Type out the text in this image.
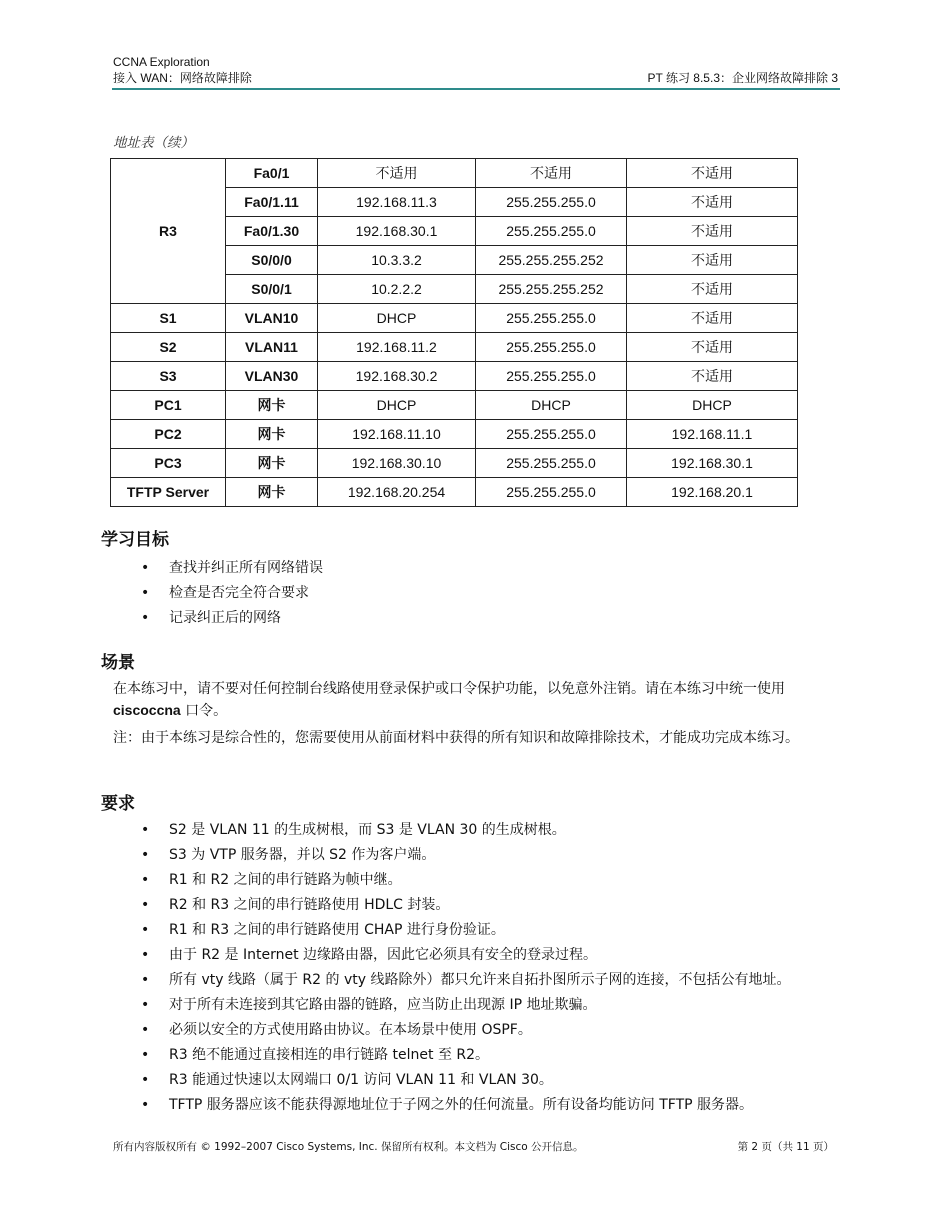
CCNA Exploration
接入 WAN：网络故障排除	PT 练习 8.5.3：企业网络故障排除 3
地址表（续）
R3	Fa0/1	不适用	不适用	不适用
	Fa0/1.11	192.168.11.3	255.255.255.0	不适用
	Fa0/1.30	192.168.30.1	255.255.255.0	不适用
	S0/0/0	10.3.3.2	255.255.255.252	不适用
	S0/0/1	10.2.2.2	255.255.255.252	不适用
S1	VLAN10	DHCP	255.255.255.0	不适用
S2	VLAN11	192.168.11.2	255.255.255.0	不适用
S3	VLAN30	192.168.30.2	255.255.255.0	不适用
PC1	网卡	DHCP	DHCP	DHCP
PC2	网卡	192.168.11.10	255.255.255.0	192.168.11.1
PC3	网卡	192.168.30.10	255.255.255.0	192.168.30.1
TFTP Server	网卡	192.168.20.254	255.255.255.0	192.168.20.1
学习目标
• 查找并纠正所有网络错误
• 检查是否完全符合要求
• 记录纠正后的网络
场景
在本练习中，请不要对任何控制台线路使用登录保护或口令保护功能，以免意外注销。请在本练习中统一使用 ciscoccna 口令。
注：由于本练习是综合性的，您需要使用从前面材料中获得的所有知识和故障排除技术，才能成功完成本练习。
要求
• S2 是 VLAN 11 的生成树根，而 S3 是 VLAN 30 的生成树根。
• S3 为 VTP 服务器，并以 S2 作为客户端。
• R1 和 R2 之间的串行链路为帧中继。
• R2 和 R3 之间的串行链路使用 HDLC 封装。
• R1 和 R3 之间的串行链路使用 CHAP 进行身份验证。
• 由于 R2 是 Internet 边缘路由器，因此它必须具有安全的登录过程。
• 所有 vty 线路（属于 R2 的 vty 线路除外）都只允许来自拓扑图所示子网的连接，不包括公有地址。
• 对于所有未连接到其它路由器的链路，应当防止出现源 IP 地址欺骗。
• 必须以安全的方式使用路由协议。在本场景中使用 OSPF。
• R3 绝不能通过直接相连的串行链路 telnet 至 R2。
• R3 能通过快速以太网端口 0/1 访问 VLAN 11 和 VLAN 30。
• TFTP 服务器应该不能获得源地址位于子网之外的任何流量。所有设备均能访问 TFTP 服务器。
所有内容版权所有 © 1992–2007 Cisco Systems, Inc. 保留所有权利。本文档为 Cisco 公开信息。	第 2 页（共 11 页）
